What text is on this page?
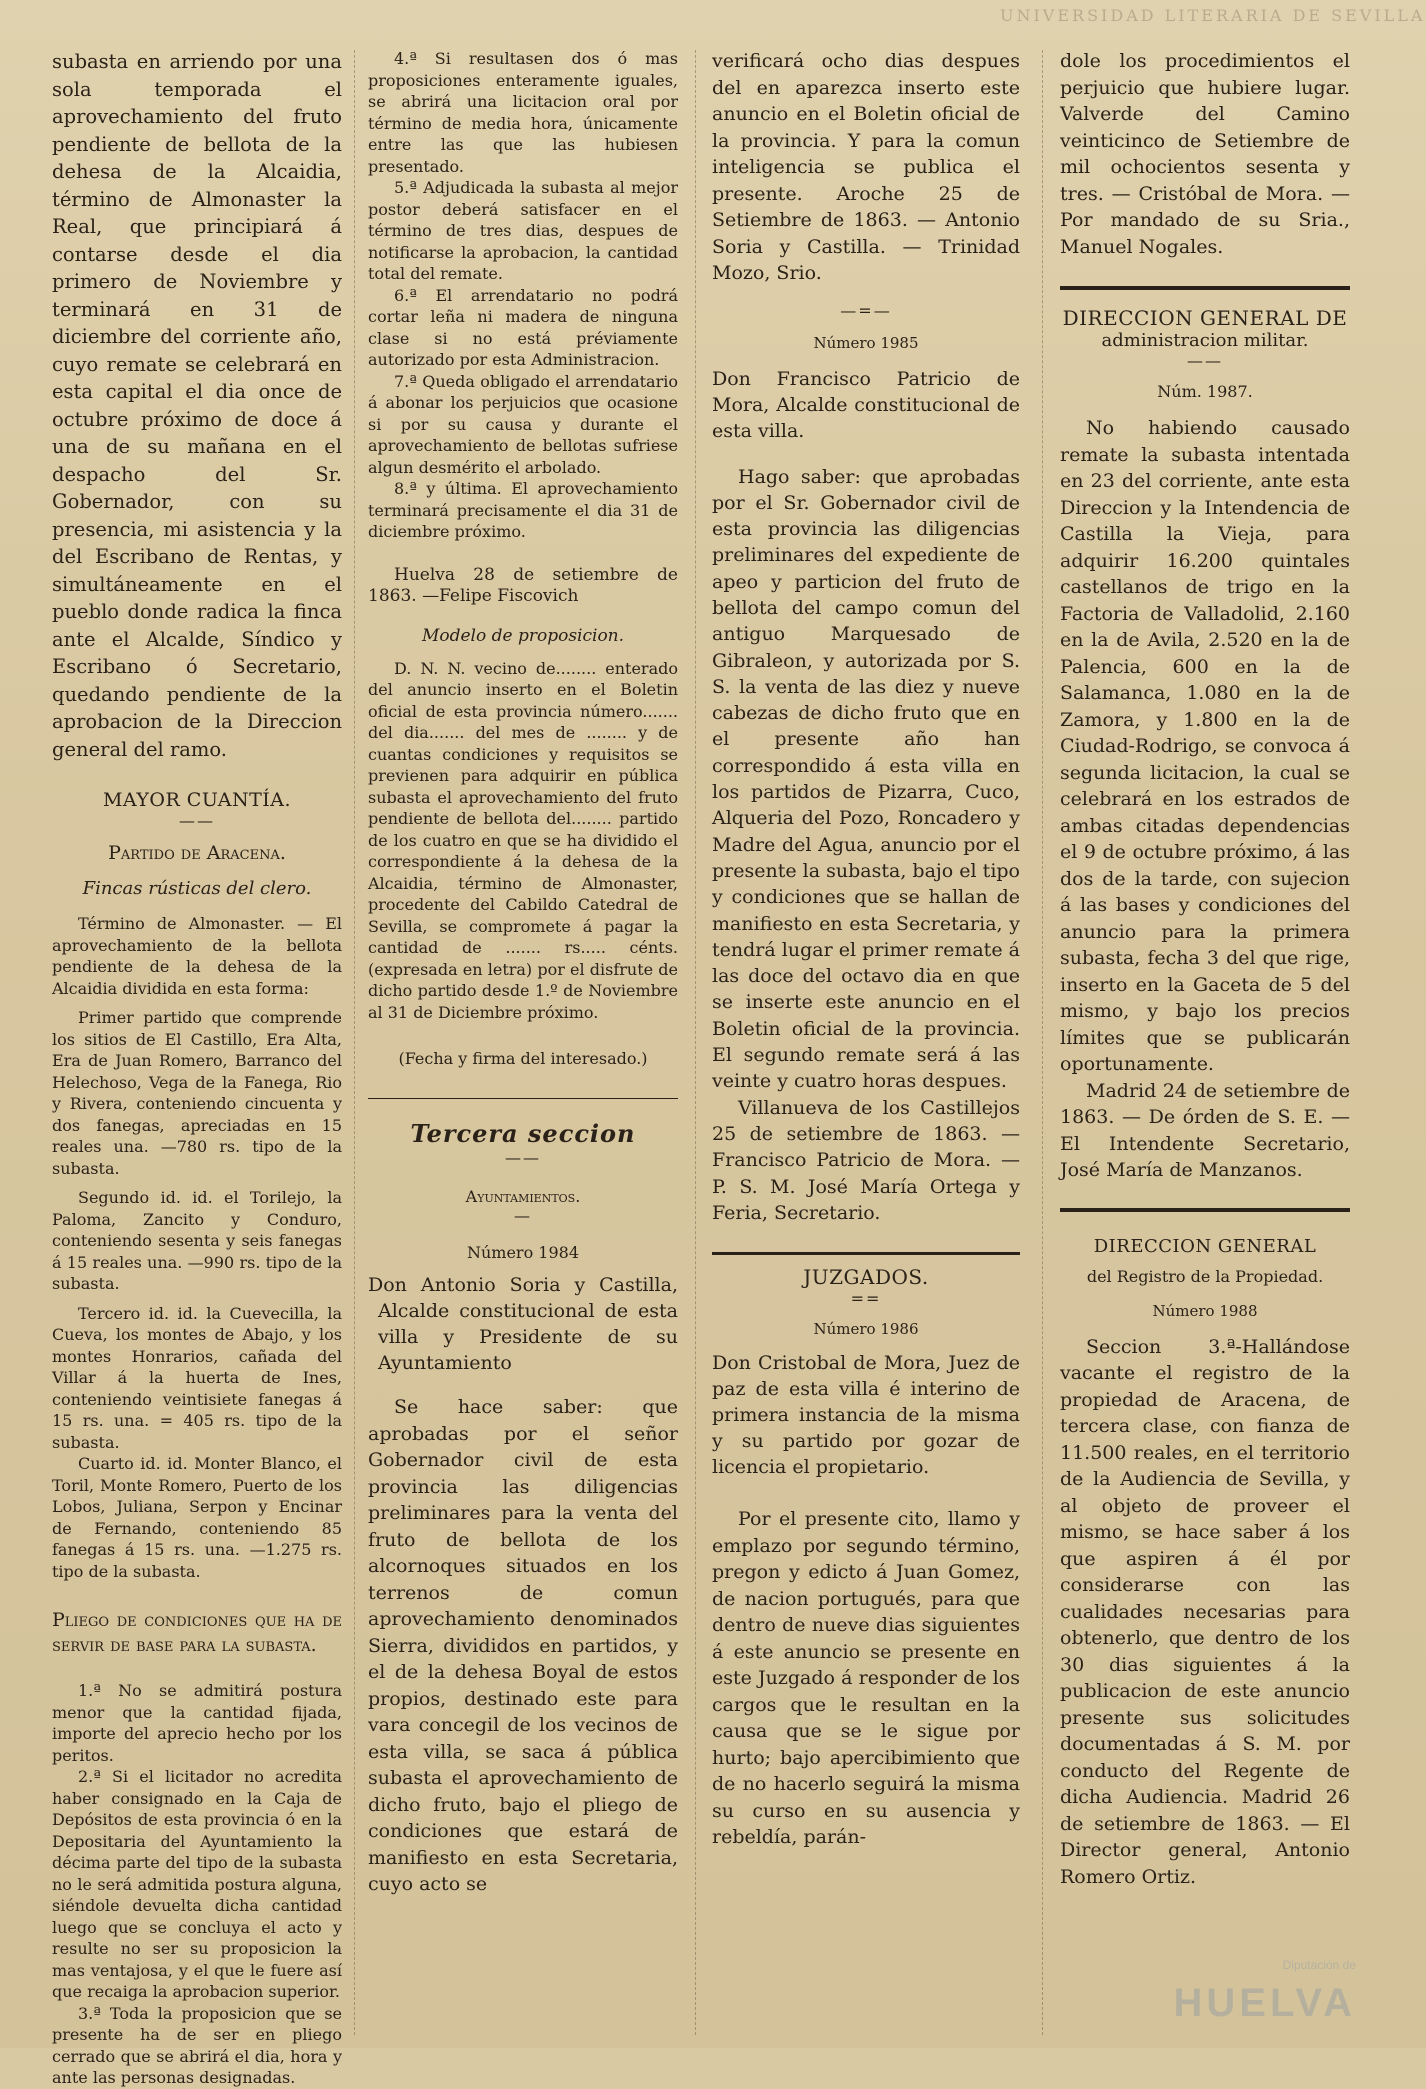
UNIVERSIDAD LITERARIA DE SEVILLA

subasta en arriendo por una sola temporada el aprovechamiento del fruto pendiente de bellota de la dehesa de la Alcaidia, término de Almonaster la Real, que principiará á contarse desde el dia primero de Noviembre y terminará en 31 de diciembre del corriente año, cuyo remate se celebrará en esta capital el dia once de octubre próximo de doce á una de su mañana en el despacho del Sr. Gobernador, con su presencia, mi asistencia y la del Escribano de Rentas, y simultáneamente en el pueblo donde radica la finca ante el Alcalde, Síndico y Escribano ó Secretario, quedando pendiente de la aprobacion de la Direccion general del ramo.

MAYOR CUANTÍA.

——

Partido de Aracena.

Fincas rústicas del clero.

Término de Almonaster. — El aprovechamiento de la bellota pendiente de la dehesa de la Alcaidia dividida en esta forma:

Primer partido que comprende los sitios de El Castillo, Era Alta, Era de Juan Romero, Barranco del Helechoso, Vega de la Fanega, Rio y Rivera, conteniendo cincuenta y dos fanegas, apreciadas en 15 reales una. —780 rs. tipo de la subasta.

Segundo id. id. el Torilejo, la Paloma, Zancito y Conduro, conteniendo sesenta y seis fanegas á 15 reales una. —990 rs. tipo de la subasta.

Tercero id. id. la Cuevecilla, la Cueva, los montes de Abajo, y los montes Honrarios, cañada del Villar á la huerta de Ines, conteniendo veintisiete fanegas á 15 rs. una. = 405 rs. tipo de la subasta.

Cuarto id. id. Monter Blanco, el Toril, Monte Romero, Puerto de los Lobos, Juliana, Serpon y Encinar de Fernando, conteniendo 85 fanegas á 15 rs. una. —1.275 rs. tipo de la subasta.

Pliego de condiciones que ha de servir de base para la subasta.

1.ª No se admitirá postura menor que la cantidad fijada, importe del aprecio hecho por los peritos.

2.ª Si el licitador no acredita haber consignado en la Caja de Depósitos de esta provincia ó en la Depositaria del Ayuntamiento la décima parte del tipo de la subasta no le será admitida postura alguna, siéndole devuelta dicha cantidad luego que se concluya el acto y resulte no ser su proposicion la mas ventajosa, y el que le fuere así que recaiga la aprobacion superior.

3.ª Toda la proposicion que se presente ha de ser en pliego cerrado que se abrirá el dia, hora y ante las personas designadas.

4.ª Si resultasen dos ó mas proposiciones enteramente iguales, se abrirá una licitacion oral por término de media hora, únicamente entre las que las hubiesen presentado.

5.ª Adjudicada la subasta al mejor postor deberá satisfacer en el término de tres dias, despues de notificarse la aprobacion, la cantidad total del remate.

6.ª El arrendatario no podrá cortar leña ni madera de ninguna clase si no está préviamente autorizado por esta Administracion.

7.ª Queda obligado el arrendatario á abonar los perjuicios que ocasione si por su causa y durante el aprovechamiento de bellotas sufriese algun desmérito el arbolado.

8.ª y última. El aprovechamiento terminará precisamente el dia 31 de diciembre próximo.

Huelva 28 de setiembre de 1863. —Felipe Fiscovich

Modelo de proposicion.

D. N. N. vecino de........ enterado del anuncio inserto en el Boletin oficial de esta provincia número....... del dia....... del mes de ........ y de cuantas condiciones y requisitos se previenen para adquirir en pública subasta el aprovechamiento del fruto pendiente de bellota del........ partido de los cuatro en que se ha dividido el correspondiente á la dehesa de la Alcaidia, término de Almonaster, procedente del Cabildo Catedral de Sevilla, se compromete á pagar la cantidad de ....... rs..... cénts. (expresada en letra) por el disfrute de dicho partido desde 1.º de Noviembre al 31 de Diciembre próximo.

(Fecha y firma del interesado.)

Tercera seccion

——

Ayuntamientos.

—

Número 1984

Don Antonio Soria y Castilla, Alcalde constitucional de esta villa y Presidente de su Ayuntamiento

Se hace saber: que aprobadas por el señor Gobernador civil de esta provincia las diligencias preliminares para la venta del fruto de bellota de los alcornoques situados en los terrenos de comun aprovechamiento denominados Sierra, divididos en partidos, y el de la dehesa Boyal de estos propios, destinado este para vara concegil de los vecinos de esta villa, se saca á pública subasta el aprovechamiento de dicho fruto, bajo el pliego de condiciones que estará de manifiesto en esta Secretaria, cuyo acto se

verificará ocho dias despues del en aparezca inserto este anuncio en el Boletin oficial de la provincia. Y para la comun inteligencia se publica el presente. Aroche 25 de Setiembre de 1863. — Antonio Soria y Castilla. — Trinidad Mozo, Srio.

—=—

Número 1985

Don Francisco Patricio de Mora, Alcalde constitucional de esta villa.

Hago saber: que aprobadas por el Sr. Gobernador civil de esta provincia las diligencias preliminares del expediente de apeo y particion del fruto de bellota del campo comun del antiguo Marquesado de Gibraleon, y autorizada por S. S. la venta de las diez y nueve cabezas de dicho fruto que en el presente año han correspondido á esta villa en los partidos de Pizarra, Cuco, Alqueria del Pozo, Roncadero y Madre del Agua, anuncio por el presente la subasta, bajo el tipo y condiciones que se hallan de manifiesto en esta Secretaria, y tendrá lugar el primer remate á las doce del octavo dia en que se inserte este anuncio en el Boletin oficial de la provincia. El segundo remate será á las veinte y cuatro horas despues.

Villanueva de los Castillejos 25 de setiembre de 1863. — Francisco Patricio de Mora. — P. S. M. José María Ortega y Feria, Secretario.

JUZGADOS.

==

Número 1986

Don Cristobal de Mora, Juez de paz de esta villa é interino de primera instancia de la misma y su partido por gozar de licencia el propietario.

Por el presente cito, llamo y emplazo por segundo término, pregon y edicto á Juan Gomez, de nacion portugués, para que dentro de nueve dias siguientes á este anuncio se presente en este Juzgado á responder de los cargos que le resultan en la causa que se le sigue por hurto; bajo apercibimiento que de no hacerlo seguirá la misma su curso en su ausencia y rebeldía, parán-

dole los procedimientos el perjuicio que hubiere lugar. Valverde del Camino veinticinco de Setiembre de mil ochocientos sesenta y tres. — Cristóbal de Mora. — Por mandado de su Sria., Manuel Nogales.

DIRECCION GENERAL DE

administracion militar.

——

Núm. 1987.

No habiendo causado remate la subasta intentada en 23 del corriente, ante esta Direccion y la Intendencia de Castilla la Vieja, para adquirir 16.200 quintales castellanos de trigo en la Factoria de Valladolid, 2.160 en la de Avila, 2.520 en la de Palencia, 600 en la de Salamanca, 1.080 en la de Zamora, y 1.800 en la de Ciudad-Rodrigo, se convoca á segunda licitacion, la cual se celebrará en los estrados de ambas citadas dependencias el 9 de octubre próximo, á las dos de la tarde, con sujecion á las bases y condiciones del anuncio para la primera subasta, fecha 3 del que rige, inserto en la Gaceta de 5 del mismo, y bajo los precios límites que se publicarán oportunamente.

Madrid 24 de setiembre de 1863. — De órden de S. E. — El Intendente Secretario, José María de Manzanos.

DIRECCION GENERAL

del Registro de la Propiedad.

Número 1988

Seccion 3.ª-Hallándose vacante el registro de la propiedad de Aracena, de tercera clase, con fianza de 11.500 reales, en el territorio de la Audiencia de Sevilla, y al objeto de proveer el mismo, se hace saber á los que aspiren á él por considerarse con las cualidades necesarias para obtenerlo, que dentro de los 30 dias siguientes á la publicacion de este anuncio presente sus solicitudes documentadas á S. M. por conducto del Regente de dicha Audiencia. Madrid 26 de setiembre de 1863. — El Director general, Antonio Romero Ortiz.

Diputación de
HUELVA
